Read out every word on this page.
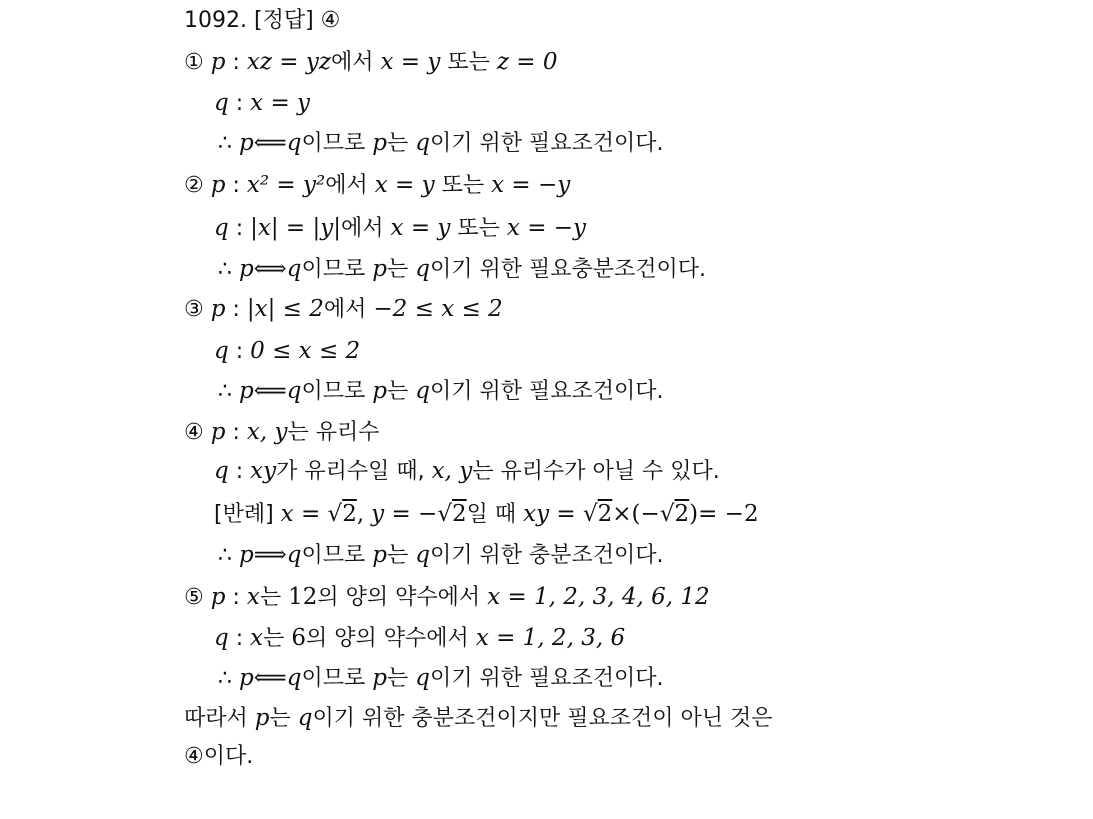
1092. [정답] ④
① p : xz = yz에서 x = y 또는 z = 0
q : x = y
∴ p⟸q이므로 p는 q이기 위한 필요조건이다.
② p : x² = y²에서 x = y 또는 x = −y
q : |x| = |y|에서 x = y 또는 x = −y
∴ p⟺q이므로 p는 q이기 위한 필요충분조건이다.
③ p : |x| ≤ 2에서 −2 ≤ x ≤ 2
q : 0 ≤ x ≤ 2
∴ p⟸q이므로 p는 q이기 위한 필요조건이다.
④ p : x, y는 유리수
q : xy가 유리수일 때, x, y는 유리수가 아닐 수 있다.
[반례] x = √2, y = −√2일 때 xy = √2×(−√2)= −2
∴ p⟹q이므로 p는 q이기 위한 충분조건이다.
⑤ p : x는 12의 양의 약수에서 x = 1, 2, 3, 4, 6, 12
q : x는 6의 양의 약수에서 x = 1, 2, 3, 6
∴ p⟸q이므로 p는 q이기 위한 필요조건이다.
따라서 p는 q이기 위한 충분조건이지만 필요조건이 아닌 것은
④이다.
